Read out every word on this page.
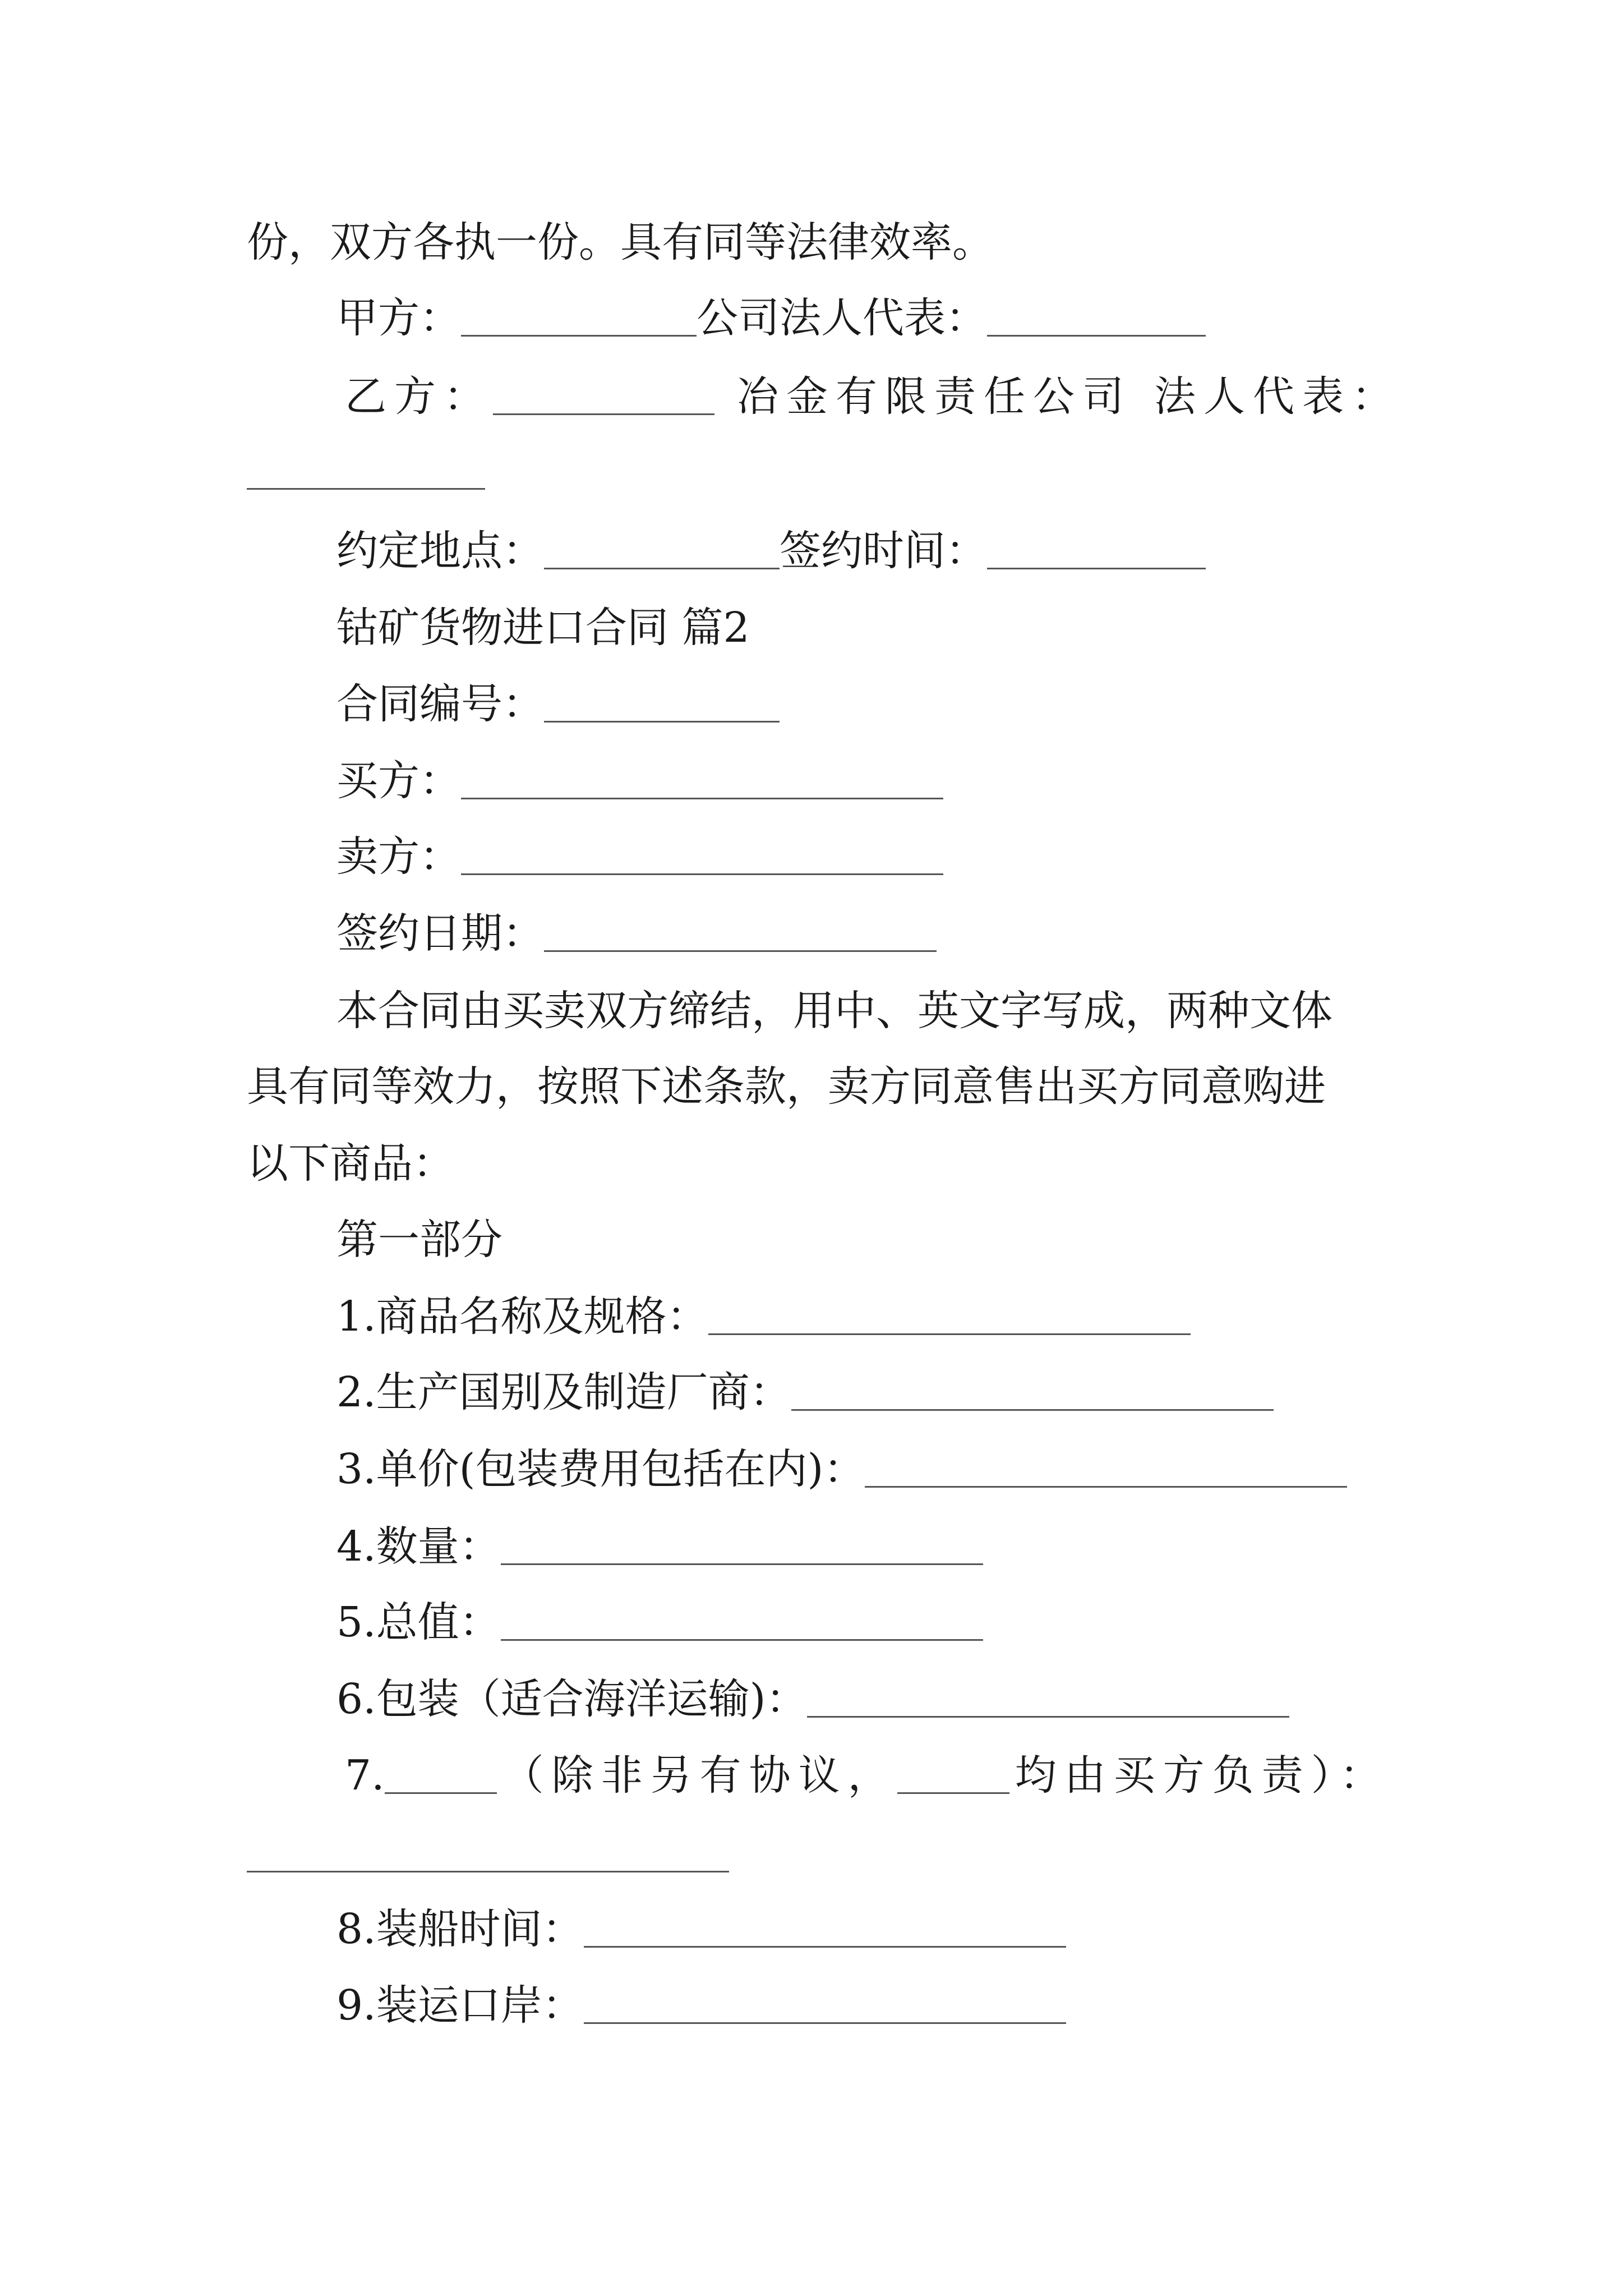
份，双方各执一份。具有同等法律效率。
甲方：	公司法人代表：
乙方：	冶金有限责任公司 法人代表：
约定地点：	签约时间：
钴矿货物进口合同 篇2
合同编号：
买方：
卖方：
签约日期：
本合同由买卖双方缔结，用中、英文字写成，两种文体
具有同等效力，按照下述条款，卖方同意售出买方同意购进
以下商品：
第一部分
1.商品名称及规格：
2.生产国别及制造厂商：
3.单价(包装费用包括在内)：
4.数量：
5.总值：
6.包装（适合海洋运输)：
7.	（除非另有协议，	均由买方负责）：
8.装船时间：
9.装运口岸：
